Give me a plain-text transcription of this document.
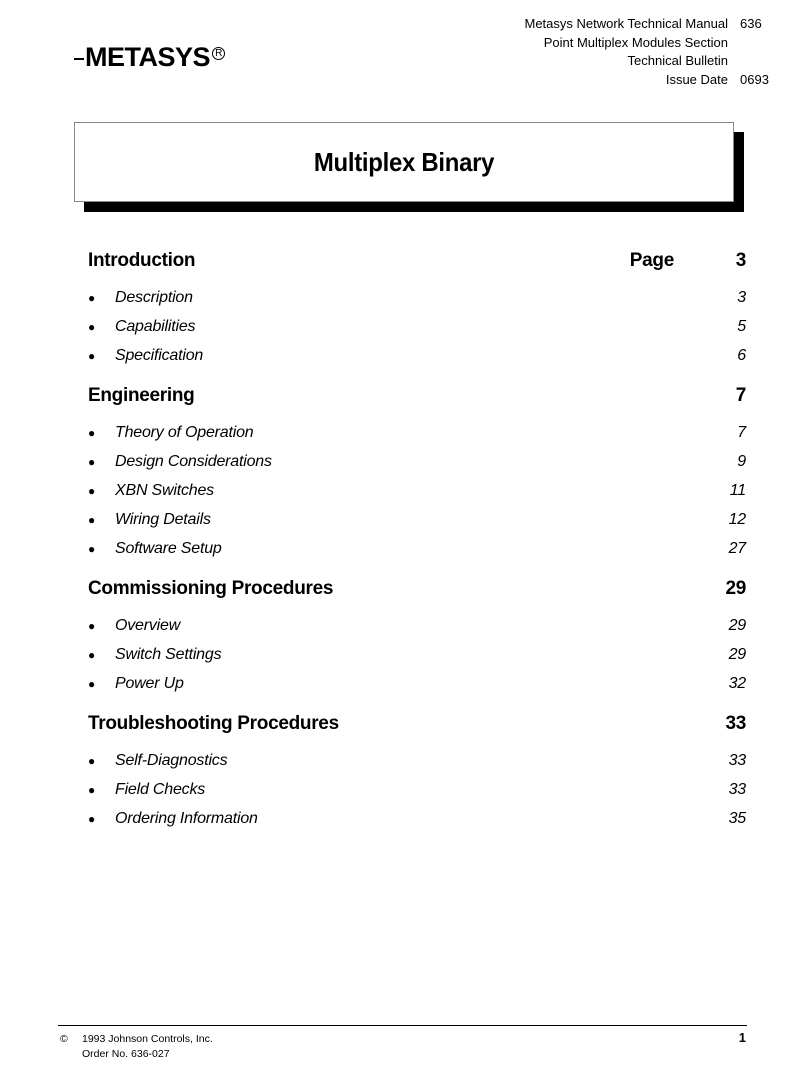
METASYS R
Metasys Network Technical Manual 636
Point Multiplex Modules Section
Technical Bulletin
Issue Date 0693
Multiplex Binary
Introduction	Page	3
●	Description	3
●	Capabilities	5
●	Specification	6
Engineering	7
●	Theory of Operation	7
●	Design Considerations	9
●	XBN Switches	11
●	Wiring Details	12
●	Software Setup	27
Commissioning Procedures	29
●	Overview	29
●	Switch Settings	29
●	Power Up	32
Troubleshooting Procedures	33
●	Self-Diagnostics	33
●	Field Checks	33
●	Ordering Information	35
© 1993 Johnson Controls, Inc.
Order No. 636-027
1
